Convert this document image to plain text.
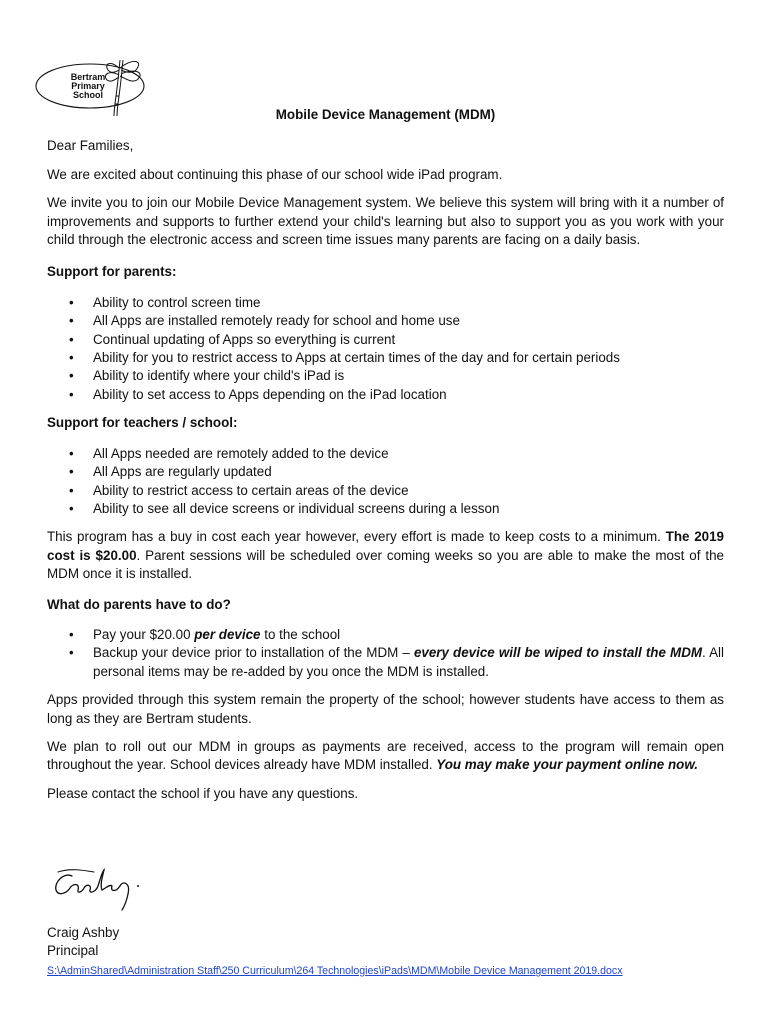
Bertram
Primary
School
Mobile Device Management (MDM)

Dear Families,

We are excited about continuing this phase of our school wide iPad program.

We invite you to join our Mobile Device Management system. We believe this system will bring with it a number of improvements and supports to further extend your child's learning but also to support you as you work with your child through the electronic access and screen time issues many parents are facing on a daily basis.

Support for parents:
• Ability to control screen time
• All Apps are installed remotely ready for school and home use
• Continual updating of Apps so everything is current
• Ability for you to restrict access to Apps at certain times of the day and for certain periods
• Ability to identify where your child's iPad is
• Ability to set access to Apps depending on the iPad location
Support for teachers / school:
• All Apps needed are remotely added to the device
• All Apps are regularly updated
• Ability to restrict access to certain areas of the device
• Ability to see all device screens or individual screens during a lesson

This program has a buy in cost each year however, every effort is made to keep costs to a minimum. The 2019 cost is $20.00. Parent sessions will be scheduled over coming weeks so you are able to make the most of the MDM once it is installed.

What do parents have to do?
• Pay your $20.00 per device to the school
• Backup your device prior to installation of the MDM – every device will be wiped to install the MDM. All personal items may be re-added by you once the MDM is installed.

Apps provided through this system remain the property of the school; however students have access to them as long as they are Bertram students.

We plan to roll out our MDM in groups as payments are received, access to the program will remain open throughout the year. School devices already have MDM installed. You may make your payment online now.

Please contact the school if you have any questions.

Craig Ashby
Principal
S:\AdminShared\Administration Staff\250 Curriculum\264 Technologies\iPads\MDM\Mobile Device Management 2019.docx
